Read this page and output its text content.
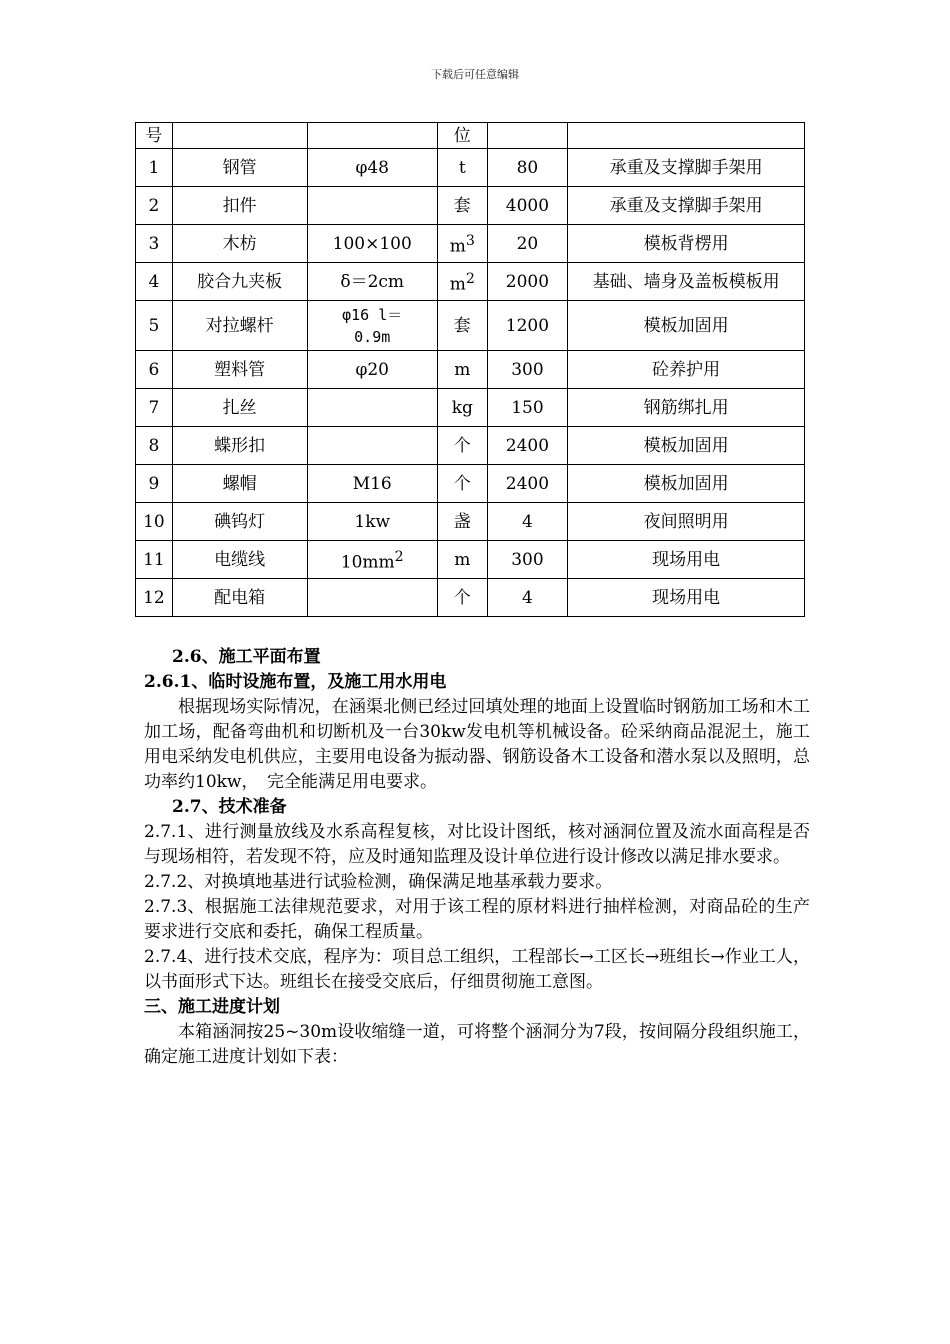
下载后可任意编辑
号			位		
1	钢管	φ48	t	80	承重及支撑脚手架用
2	扣件		套	4000	承重及支撑脚手架用
3	木枋	100×100	$m^3$	20	模板背楞用
4	胶合九夹板	δ＝2cm	$m^2$	2000	基础、墙身及盖板模板用
5	对拉螺杆	φ16 l＝
0.9m	套	1200	模板加固用
6	塑料管	φ20	m	300	砼养护用
7	扎丝		kg	150	钢筋绑扎用
8	蝶形扣		个	2400	模板加固用
9	螺帽	M16	个	2400	模板加固用
10	碘钨灯	1kw	盏	4	夜间照明用
11	电缆线	$10mm^2$	m	300	现场用电
12	配电箱		个	4	现场用电

2.6、施工平面布置

2.6.1、临时设施布置，及施工用水用电

根据现场实际情况，在涵渠北侧已经过回填处理的地面上设置临时钢筋加工场和木工加工场，配备弯曲机和切断机及一台30kw发电机等机械设备。砼采纳商品混泥土，施工用电采纳发电机供应，主要用电设备为振动器、钢筋设备木工设备和潜水泵以及照明，总功率约10kw，　完全能满足用电要求。

2.7、技术准备

2.7.1、进行测量放线及水系高程复核，对比设计图纸，核对涵洞位置及流水面高程是否与现场相符，若发现不符，应及时通知监理及设计单位进行设计修改以满足排水要求。

2.7.2、对换填地基进行试验检测，确保满足地基承载力要求。

2.7.3、根据施工法律规范要求，对用于该工程的原材料进行抽样检测，对商品砼的生产要求进行交底和委托，确保工程质量。

2.7.4、进行技术交底，程序为：项目总工组织，工程部长→工区长→班组长→作业工人，以书面形式下达。班组长在接受交底后，仔细贯彻施工意图。

三、施工进度计划

本箱涵洞按25~30m设收缩缝一道，可将整个涵洞分为7段，按间隔分段组织施工，确定施工进度计划如下表：
